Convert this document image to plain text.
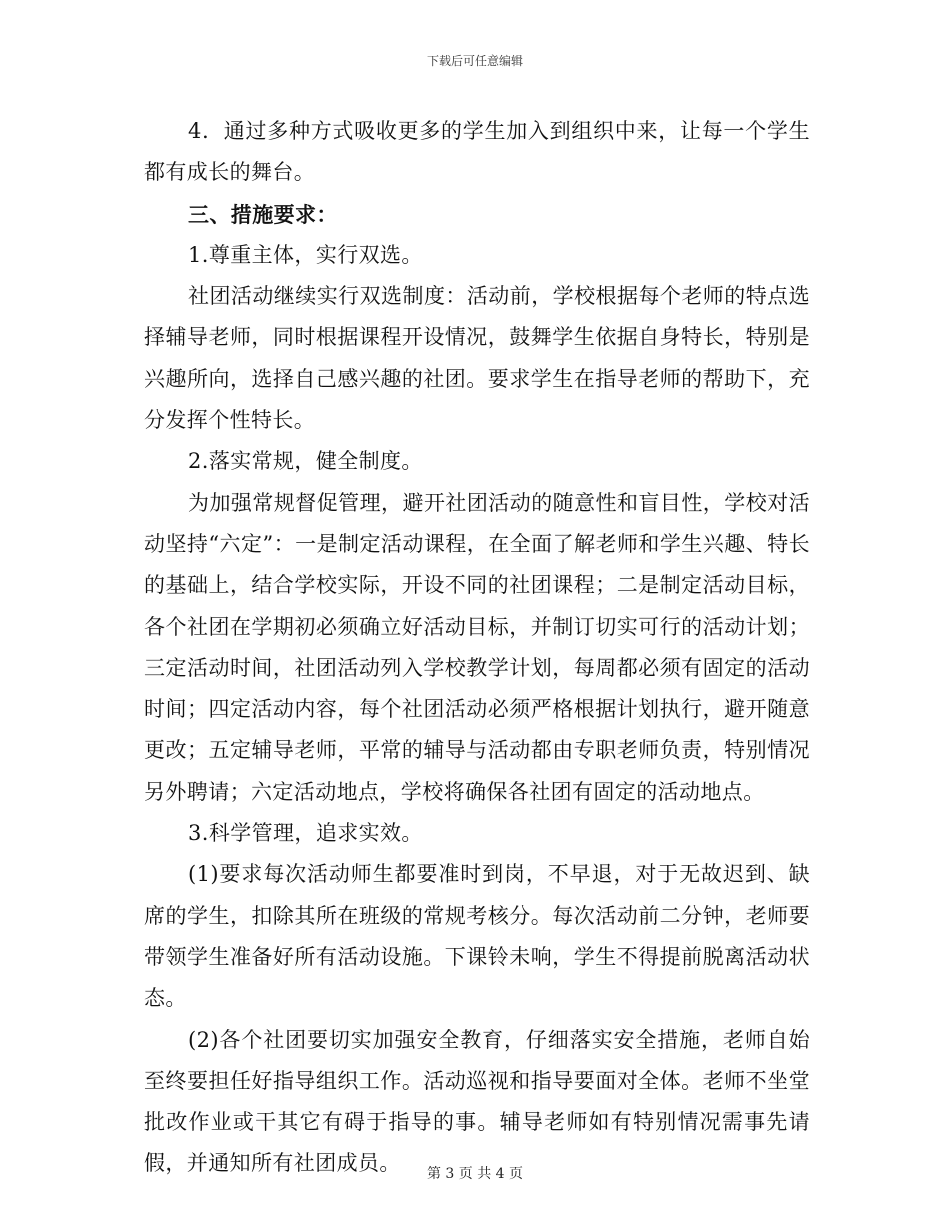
下载后可任意编辑

4．通过多种方式吸收更多的学生加入到组织中来，让每一个学生都有成长的舞台。

三、措施要求：

1.尊重主体，实行双选。

社团活动继续实行双选制度：活动前，学校根据每个老师的特点选择辅导老师，同时根据课程开设情况，鼓舞学生依据自身特长，特别是兴趣所向，选择自己感兴趣的社团。要求学生在指导老师的帮助下，充分发挥个性特长。

2.落实常规，健全制度。

为加强常规督促管理，避开社团活动的随意性和盲目性，学校对活动坚持“六定”：一是制定活动课程，在全面了解老师和学生兴趣、特长的基础上，结合学校实际，开设不同的社团课程；二是制定活动目标，各个社团在学期初必须确立好活动目标，并制订切实可行的活动计划；三定活动时间，社团活动列入学校教学计划，每周都必须有固定的活动时间；四定活动内容，每个社团活动必须严格根据计划执行，避开随意更改；五定辅导老师，平常的辅导与活动都由专职老师负责，特别情况另外聘请；六定活动地点，学校将确保各社团有固定的活动地点。

3.科学管理，追求实效。

(1)要求每次活动师生都要准时到岗，不早退，对于无故迟到、缺席的学生，扣除其所在班级的常规考核分。每次活动前二分钟，老师要带领学生准备好所有活动设施。下课铃未响，学生不得提前脱离活动状态。

(2)各个社团要切实加强安全教育，仔细落实安全措施，老师自始至终要担任好指导组织工作。活动巡视和指导要面对全体。老师不坐堂批改作业或干其它有碍于指导的事。辅导老师如有特别情况需事先请假，并通知所有社团成员。	第 3 页 共 4 页
